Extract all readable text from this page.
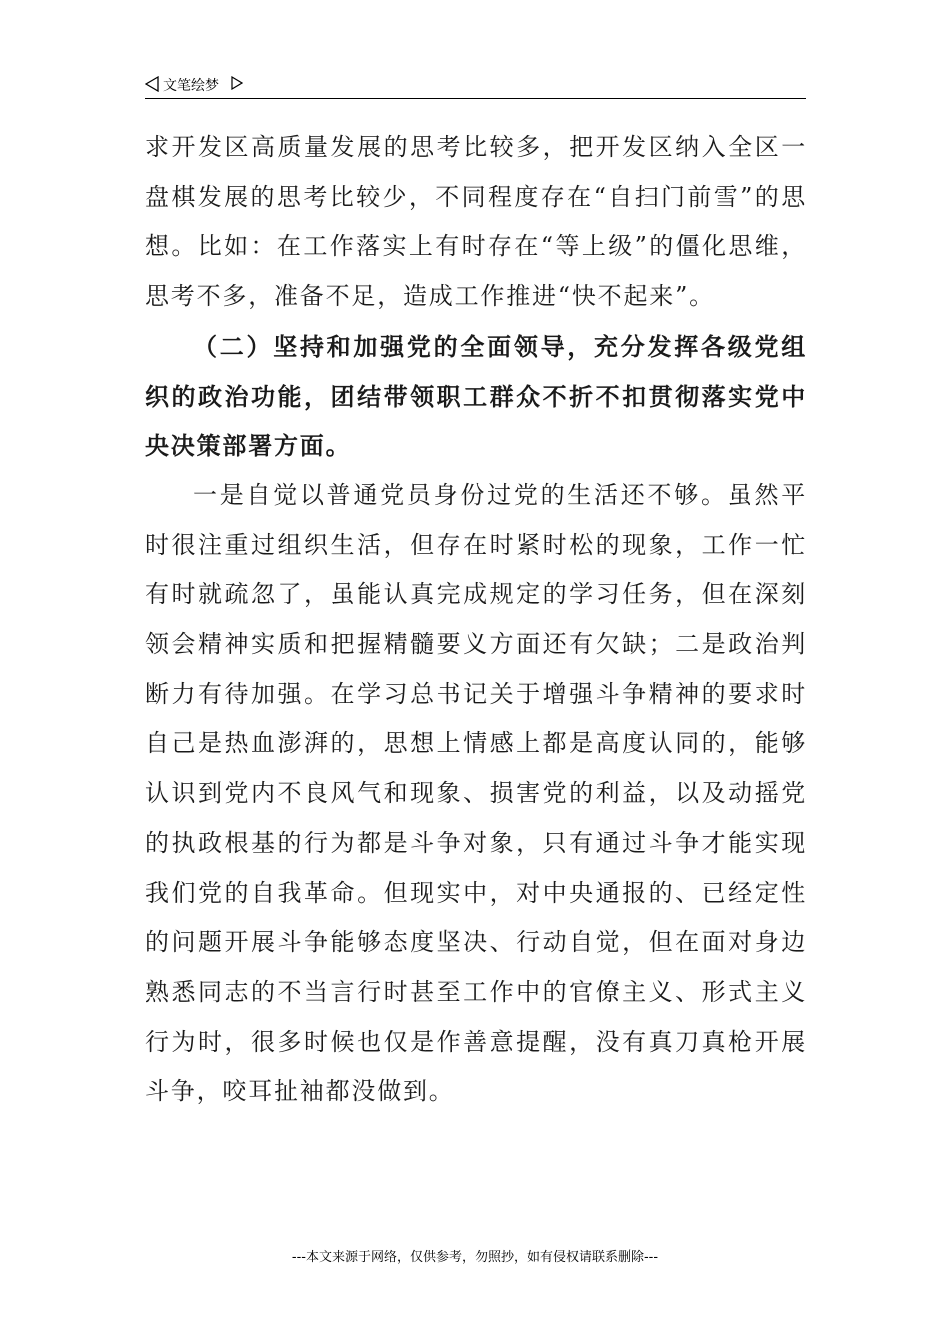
文笔绘梦

求开发区高质量发展的思考比较多，把开发区纳入全区一盘棋发展的思考比较少，不同程度存在“自扫门前雪”的思想。比如：在工作落实上有时存在“等上级”的僵化思维，思考不多，准备不足，造成工作推进“快不起来”。

（二）坚持和加强党的全面领导，充分发挥各级党组织的政治功能，团结带领职工群众不折不扣贯彻落实党中央决策部署方面。

一是自觉以普通党员身份过党的生活还不够。虽然平时很注重过组织生活，但存在时紧时松的现象，工作一忙有时就疏忽了，虽能认真完成规定的学习任务，但在深刻领会精神实质和把握精髓要义方面还有欠缺；二是政治判断力有待加强。在学习总书记关于增强斗争精神的要求时自己是热血澎湃的，思想上情感上都是高度认同的，能够认识到党内不良风气和现象、损害党的利益，以及动摇党的执政根基的行为都是斗争对象，只有通过斗争才能实现我们党的自我革命。但现实中，对中央通报的、已经定性的问题开展斗争能够态度坚决、行动自觉，但在面对身边熟悉同志的不当言行时甚至工作中的官僚主义、形式主义行为时，很多时候也仅是作善意提醒，没有真刀真枪开展斗争，咬耳扯袖都没做到。

---本文来源于网络，仅供参考，勿照抄，如有侵权请联系删除---
